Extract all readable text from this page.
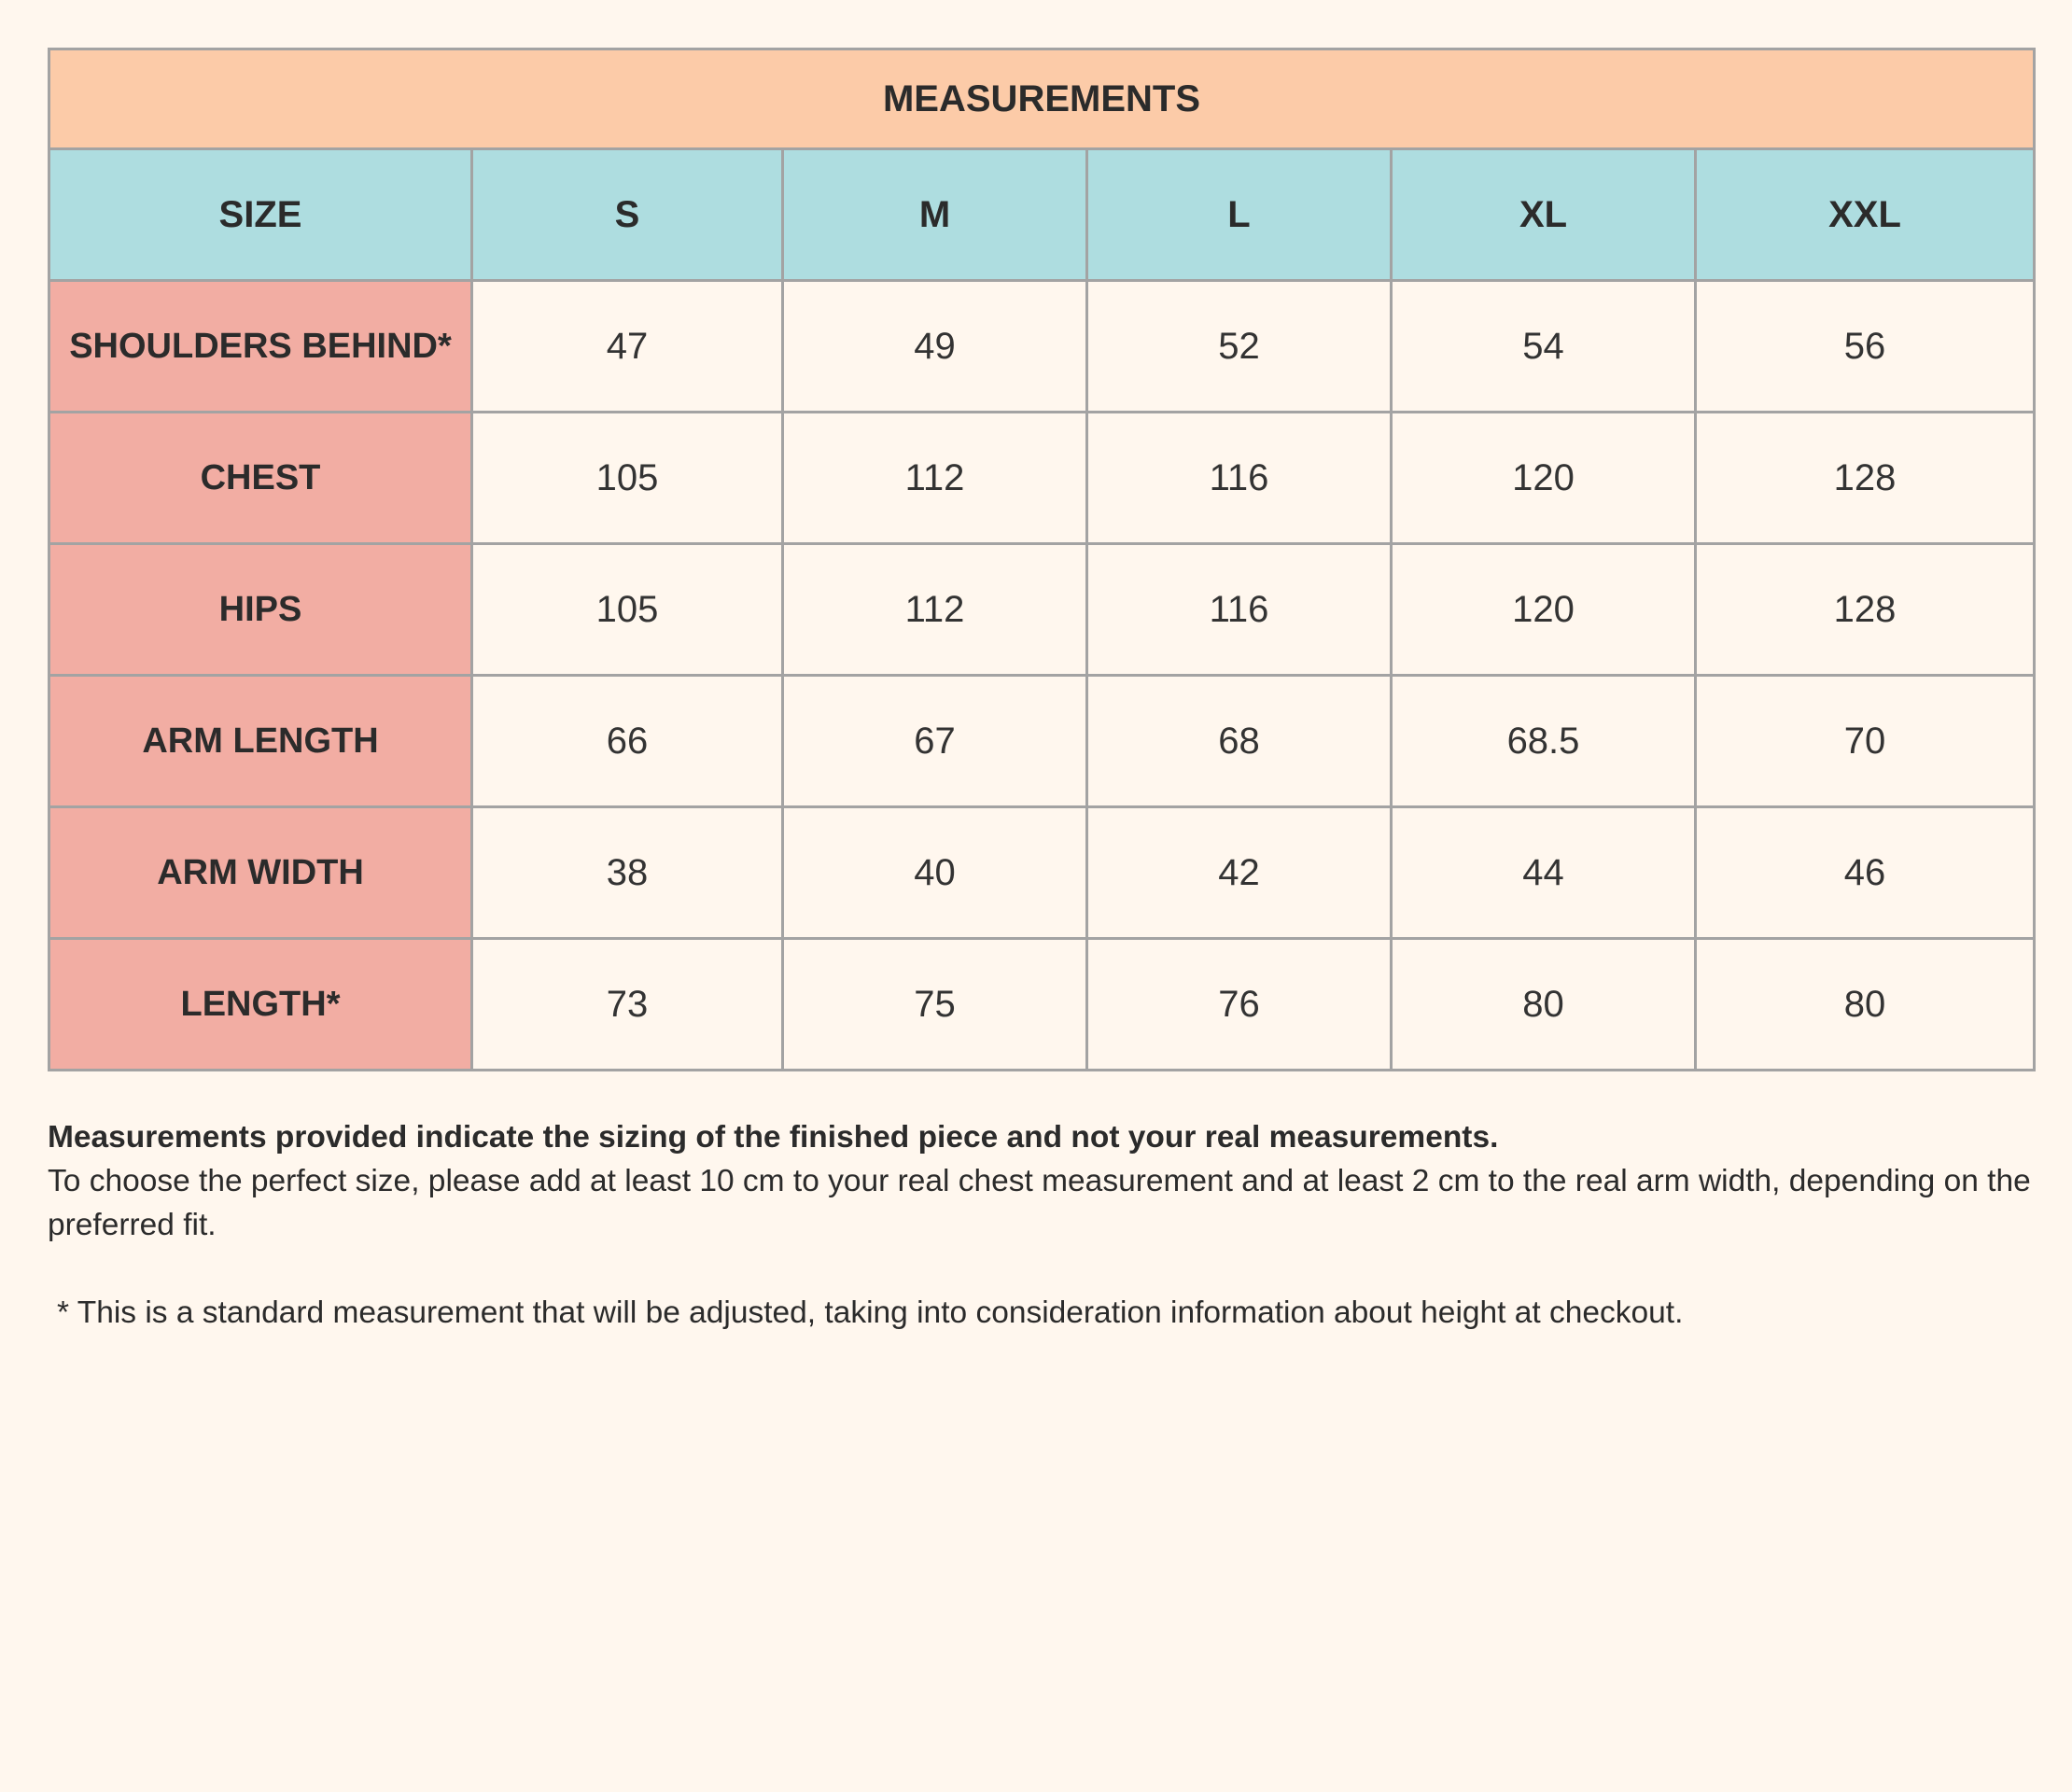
MEASUREMENTS					
SIZE	S	M	L	XL	XXL
SHOULDERS BEHIND*	47	49	52	54	56
CHEST	105	112	116	120	128
HIPS	105	112	116	120	128
ARM LENGTH	66	67	68	68.5	70
ARM WIDTH	38	40	42	44	46
LENGTH*	73	75	76	80	80
Measurements provided indicate the sizing of the finished piece and not your real measurements.
To choose the perfect size, please add at least 10 cm to your real chest measurement and at least 2 cm to the real arm width, depending on the preferred fit.
* This is a standard measurement that will be adjusted, taking into consideration information about height at checkout.
